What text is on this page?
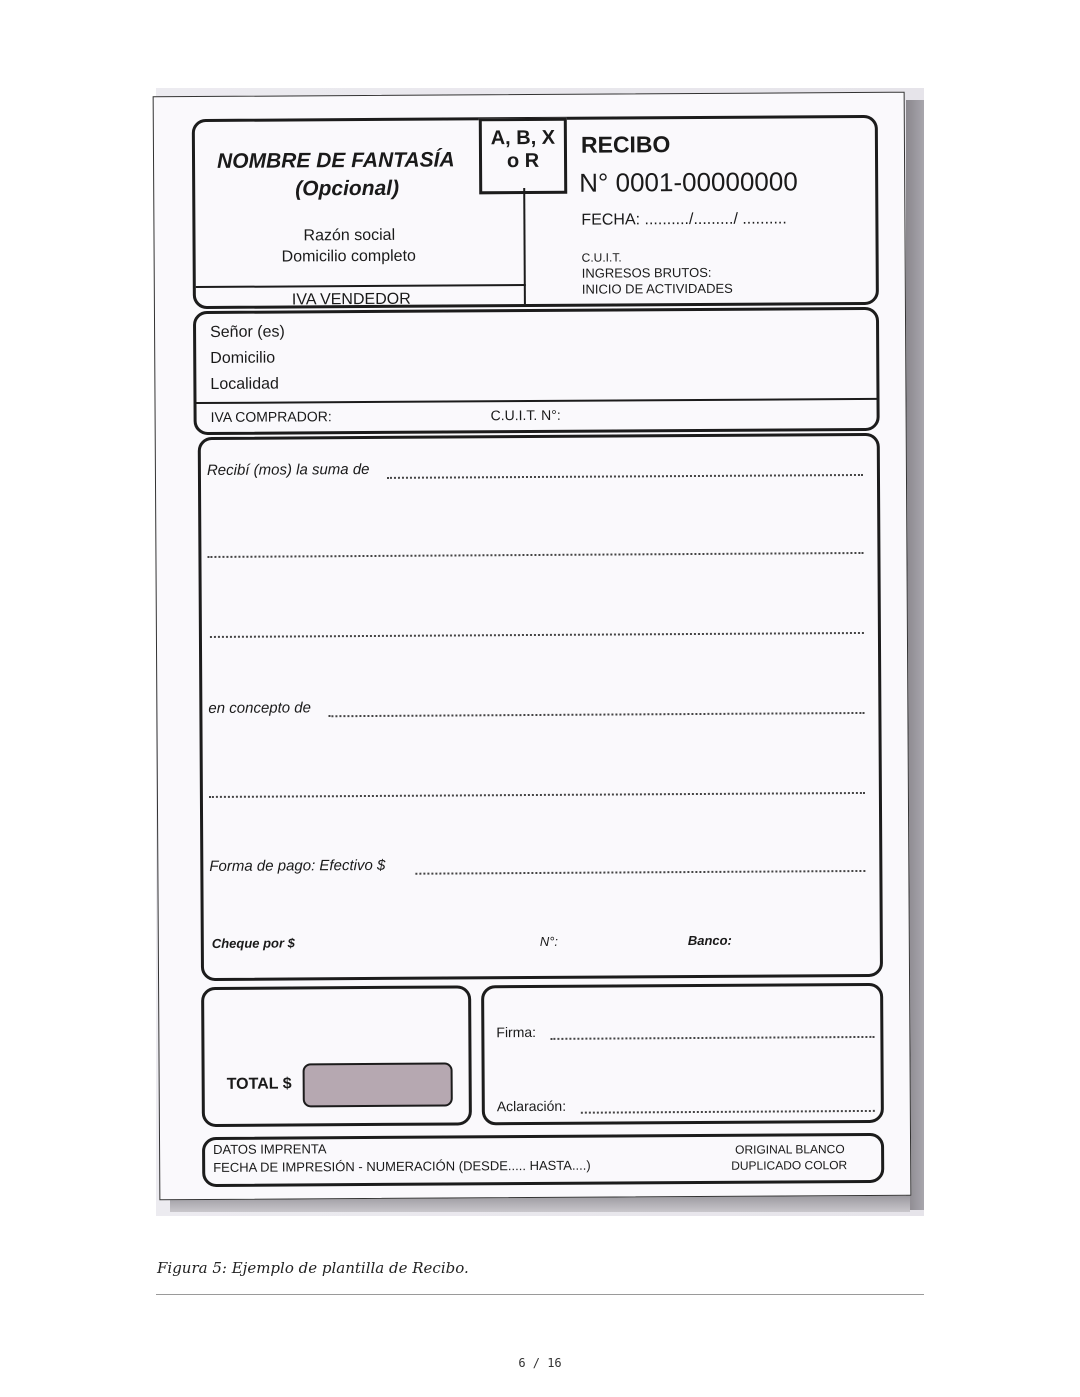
NOMBRE DE FANTASÍA
(Opcional)
Razón social
Domicilio completo
IVA VENDEDOR
A, B, X
o R
RECIBO
N° 0001-00000000
FECHA: ........../........./ ..........
C.U.I.T.
INGRESOS BRUTOS:
INICIO DE ACTIVIDADES
Señor (es)
Domicilio
Localidad
IVA COMPRADOR:	C.U.I.T. N°:
Recibí (mos) la suma de
en concepto de
Forma de pago: Efectivo $
Cheque por $	N°:	Banco:
TOTAL $
Firma:
Aclaración:
DATOS IMPRENTA
FECHA DE IMPRESIÓN - NUMERACIÓN (DESDE..... HASTA....)
ORIGINAL BLANCO
DUPLICADO COLOR
Figura 5: Ejemplo de plantilla de Recibo.
6 / 16
